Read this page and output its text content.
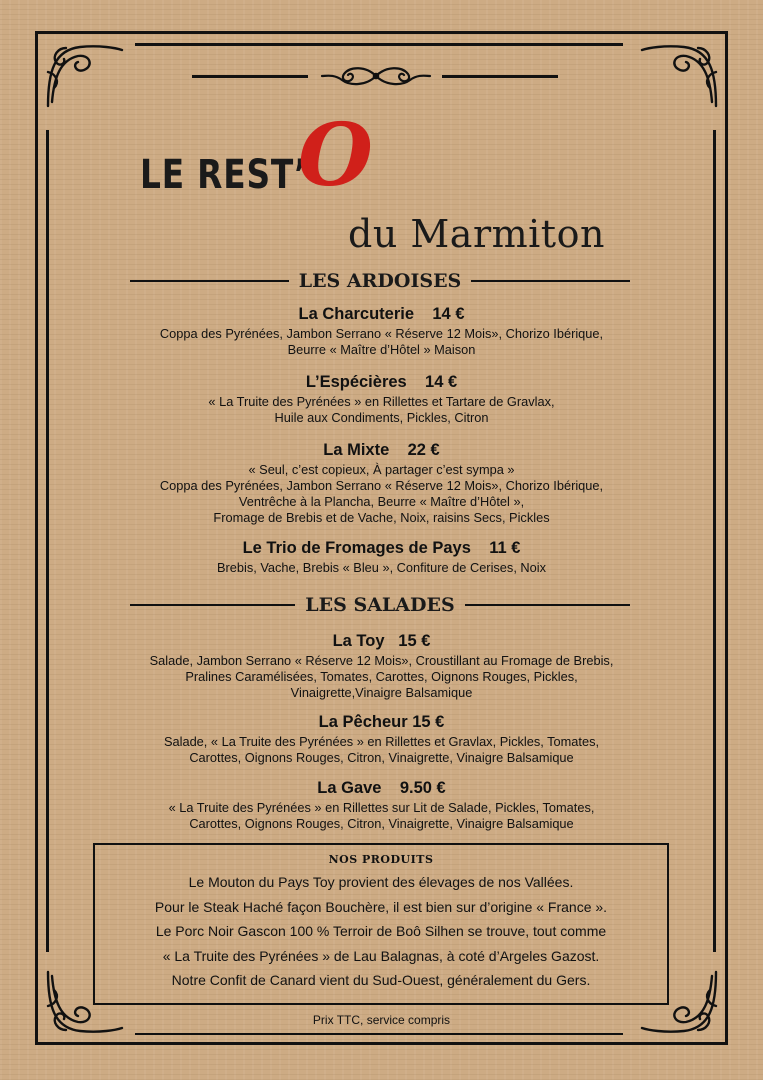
LE REST’
O
du Marmiton
LES ARDOISES
La Charcuterie    14 €
Coppa des Pyrénées, Jambon Serrano « Réserve 12 Mois», Chorizo Ibérique,
Beurre « Maître d’Hôtel » Maison
L’Espécières    14 €
« La Truite des Pyrénées » en Rillettes et Tartare de Gravlax,
Huile aux Condiments, Pickles, Citron
La Mixte    22 €
« Seul, c’est copieux, À partager c’est sympa »
Coppa des Pyrénées, Jambon Serrano « Réserve 12 Mois», Chorizo Ibérique,
Ventrêche à la Plancha, Beurre « Maître d’Hôtel »,
Fromage de Brebis et de Vache, Noix, raisins Secs, Pickles
Le Trio de Fromages de Pays    11 €
Brebis, Vache, Brebis « Bleu », Confiture de Cerises, Noix
LES SALADES
La Toy   15 €
Salade, Jambon Serrano « Réserve 12 Mois», Croustillant au Fromage de Brebis,
Pralines Caramélisées, Tomates, Carottes, Oignons Rouges, Pickles,
Vinaigrette,Vinaigre Balsamique
La Pêcheur 15 €
Salade, « La Truite des Pyrénées » en Rillettes et Gravlax, Pickles, Tomates,
Carottes, Oignons Rouges, Citron, Vinaigrette, Vinaigre Balsamique
La Gave    9.50 €
« La Truite des Pyrénées » en Rillettes sur Lit de Salade, Pickles, Tomates,
Carottes, Oignons Rouges, Citron, Vinaigrette, Vinaigre Balsamique
NOS PRODUITS
Le Mouton du Pays Toy provient des élevages de nos Vallées.
Pour le Steak Haché façon Bouchère, il est bien sur d’origine « France ».
Le Porc Noir Gascon 100 % Terroir de Boô Silhen se trouve, tout comme
« La Truite des Pyrénées » de Lau Balagnas, à coté d’Argeles Gazost.
Notre Confit de Canard vient du Sud-Ouest, généralement du Gers.
Prix TTC, service compris
